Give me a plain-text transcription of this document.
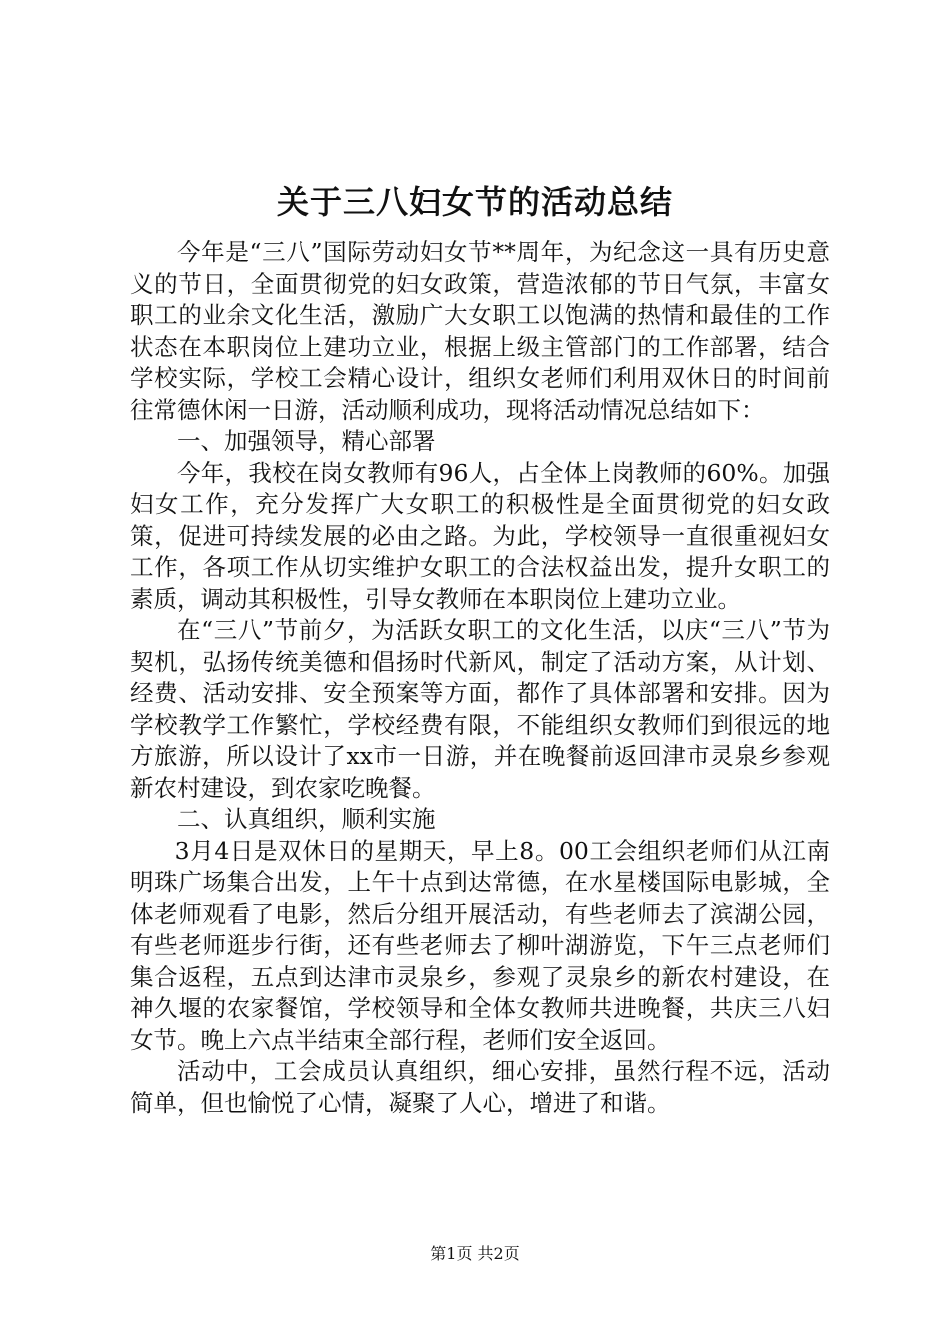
关于三八妇女节的活动总结

今年是“三八”国际劳动妇女节**周年，为纪念这一具有历史意义的节日，全面贯彻党的妇女政策，营造浓郁的节日气氛，丰富女职工的业余文化生活，激励广大女职工以饱满的热情和最佳的工作状态在本职岗位上建功立业，根据上级主管部门的工作部署，结合学校实际，学校工会精心设计，组织女老师们利用双休日的时间前往常德休闲一日游，活动顺利成功，现将活动情况总结如下：

一、加强领导，精心部署

今年，我校在岗女教师有96人，占全体上岗教师的60%。加强妇女工作，充分发挥广大女职工的积极性是全面贯彻党的妇女政策，促进可持续发展的必由之路。为此，学校领导一直很重视妇女工作，各项工作从切实维护女职工的合法权益出发，提升女职工的素质，调动其积极性，引导女教师在本职岗位上建功立业。

在“三八”节前夕，为活跃女职工的文化生活，以庆“三八”节为契机，弘扬传统美德和倡扬时代新风，制定了活动方案，从计划、经费、活动安排、安全预案等方面，都作了具体部署和安排。因为学校教学工作繁忙，学校经费有限，不能组织女教师们到很远的地方旅游，所以设计了xx市一日游，并在晚餐前返回津市灵泉乡参观新农村建设，到农家吃晚餐。

二、认真组织，顺利实施

3月4日是双休日的星期天，早上8。00工会组织老师们从江南明珠广场集合出发，上午十点到达常德，在水星楼国际电影城，全体老师观看了电影，然后分组开展活动，有些老师去了滨湖公园，有些老师逛步行街，还有些老师去了柳叶湖游览，下午三点老师们集合返程，五点到达津市灵泉乡，参观了灵泉乡的新农村建设，在神久堰的农家餐馆，学校领导和全体女教师共进晚餐，共庆三八妇女节。晚上六点半结束全部行程，老师们安全返回。

活动中，工会成员认真组织，细心安排，虽然行程不远，活动简单，但也愉悦了心情，凝聚了人心，增进了和谐。

第1页 共2页
